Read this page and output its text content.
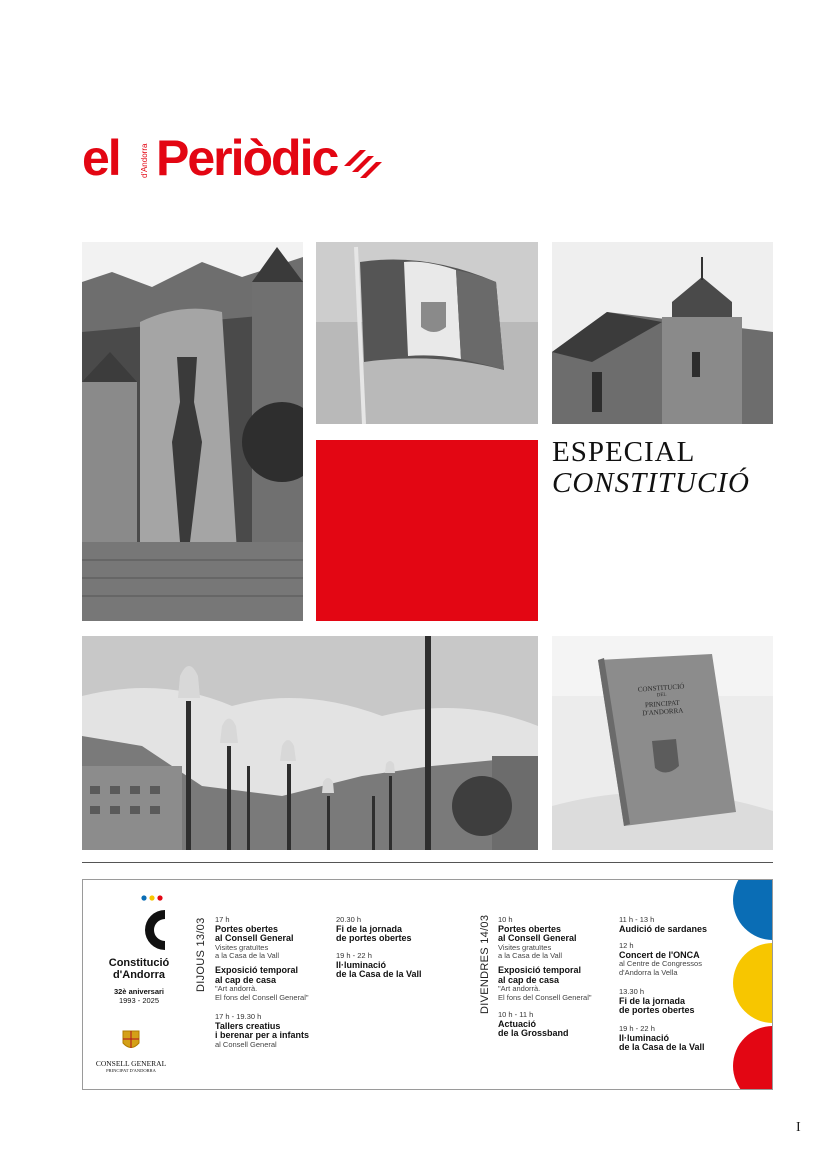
el	d'Andorra Periòdic
ESPECIAL
CONSTITUCIÓ
CONSTITUCIÓ
DEL
PRINCIPAT
D'ANDORRA
Constitució
d'Andorra
32è aniversari
1993 - 2025
CONSELL GENERAL
PRINCIPAT D'ANDORRA
DIJOUS 13/03 17 h
Portes obertes
al Consell General
Visites gratuïtes
a la Casa de la Vall
Exposició temporal
al cap de casa
"Art andorrà.
El fons del Consell General"
17 h - 19.30 h
Tallers creatius
i berenar per a infants
al Consell General
20.30 h
Fi de la jornada
de portes obertes
19 h - 22 h
Il·luminació
de la Casa de la Vall	DIVENDRES 14/03 10 h
Portes obertes
al Consell General
Visites gratuïtes
a la Casa de la Vall
Exposició temporal
al cap de casa
"Art andorrà.
El fons del Consell General"
10 h - 11 h
Actuació
de la Grossband
11 h - 13 h
Audició de sardanes
12 h
Concert de l'ONCA
al Centre de Congressos
d'Andorra la Vella
13.30 h
Fi de la jornada
de portes obertes
19 h - 22 h
Il·luminació
de la Casa de la Vall
I
